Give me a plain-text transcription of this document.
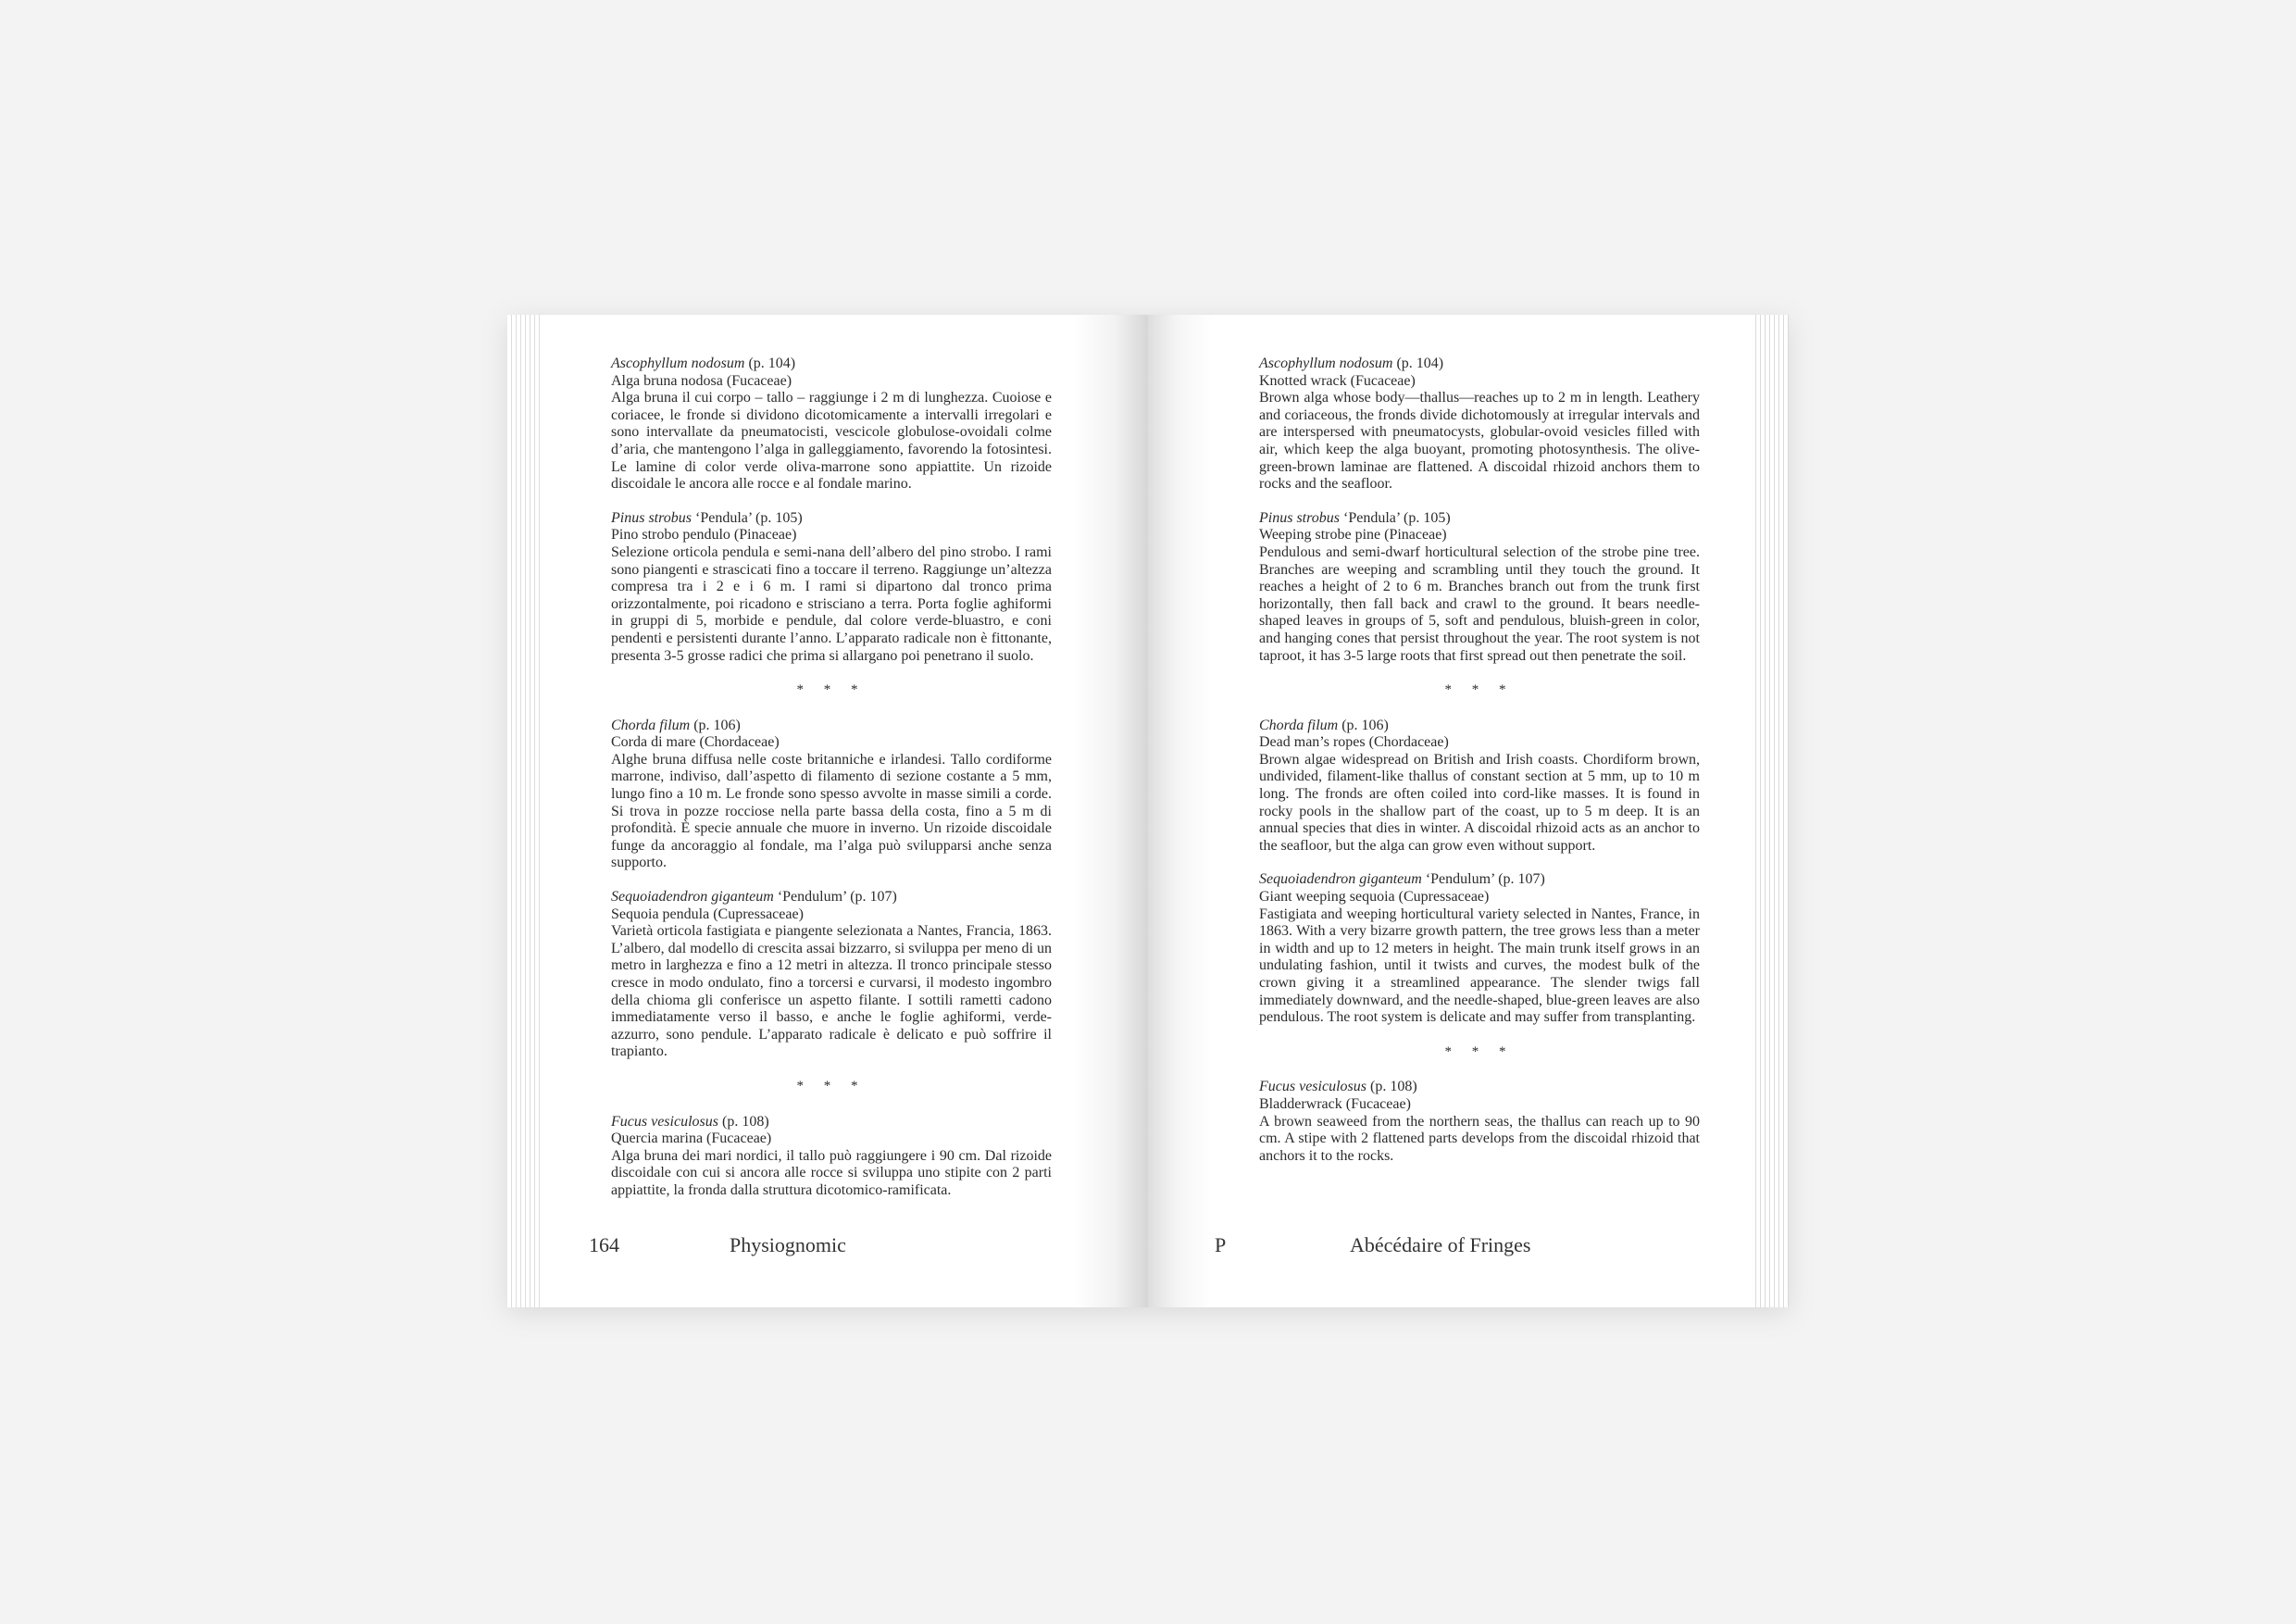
Ascophyllum nodosum (p. 104)

Alga bruna nodosa (Fucaceae)

Alga bruna il cui corpo – tallo – raggiunge i 2 m di lunghezza. Cuoiose e coriacee, le fronde si dividono dicotomicamente a intervalli irregolari e sono intervallate da pneumatocisti, vescicole globulose-ovoidali colme d’aria, che mantengono l’alga in galleggiamento, favorendo la fotosintesi. Le lamine di color verde oliva-marrone sono appiattite. Un rizoide discoidale le ancora alle rocce e al fondale marino.

Pinus strobus ‘Pendula’ (p. 105)

Pino strobo pendulo (Pinaceae)

Selezione orticola pendula e semi-nana dell’albero del pino strobo. I rami sono piangenti e strascicati fino a toccare il terreno. Raggiunge un’altezza compresa tra i 2 e i 6 m. I rami si dipartono dal tronco prima orizzontalmente, poi ricadono e strisciano a terra. Porta foglie aghiformi in gruppi di 5, morbide e pendule, dal colore verde-bluastro, e coni pendenti e persistenti durante l’anno. L’apparato radicale non è fittonante, presenta 3-5 grosse radici che prima si allargano poi penetrano il suolo.

* * *

Chorda filum (p. 106)

Corda di mare (Chordaceae)

Alghe bruna diffusa nelle coste britanniche e irlandesi. Tallo cordiforme marrone, indiviso, dall’aspetto di filamento di sezione costante a 5 mm, lungo fino a 10 m. Le fronde sono spesso avvolte in masse simili a corde. Si trova in pozze rocciose nella parte bassa della costa, fino a 5 m di profondità. È specie annuale che muore in inverno. Un rizoide discoidale funge da ancoraggio al fondale, ma l’alga può svilupparsi anche senza supporto.

Sequoiadendron giganteum ‘Pendulum’ (p. 107)

Sequoia pendula (Cupressaceae)

Varietà orticola fastigiata e piangente selezionata a Nantes, Francia, 1863. L’albero, dal modello di crescita assai bizzarro, si sviluppa per meno di un metro in larghezza e fino a 12 metri in altezza. Il tronco principale stesso cresce in modo ondulato, fino a torcersi e curvarsi, il modesto ingombro della chioma gli conferisce un aspetto filante. I sottili rametti cadono immediatamente verso il basso, e anche le foglie aghiformi, verde-azzurro, sono pendule. L’apparato radicale è delicato e può soffrire il trapianto.

* * *

Fucus vesiculosus (p. 108)

Quercia marina (Fucaceae)

Alga bruna dei mari nordici, il tallo può raggiungere i 90 cm. Dal rizoide discoidale con cui si ancora alle rocce si sviluppa uno stipite con 2 parti appiattite, la fronda dalla struttura dicotomico-ramificata.

164	Physiognomic

Ascophyllum nodosum (p. 104)

Knotted wrack (Fucaceae)

Brown alga whose body—thallus—reaches up to 2 m in length. Leathery and coriaceous, the fronds divide dichotomously at irregular intervals and are interspersed with pneumatocysts, globular-ovoid vesicles filled with air, which keep the alga buoyant, promoting photosynthesis. The olive-green-brown laminae are flattened. A discoidal rhizoid anchors them to rocks and the seafloor.

Pinus strobus ‘Pendula’ (p. 105)

Weeping strobe pine (Pinaceae)

Pendulous and semi-dwarf horticultural selection of the strobe pine tree. Branches are weeping and scrambling until they touch the ground. It reaches a height of 2 to 6 m. Branches branch out from the trunk first horizontally, then fall back and crawl to the ground. It bears needle-shaped leaves in groups of 5, soft and pendulous, bluish-green in color, and hanging cones that persist throughout the year. The root system is not taproot, it has 3-5 large roots that first spread out then penetrate the soil.

* * *

Chorda filum (p. 106)

Dead man’s ropes (Chordaceae)

Brown algae widespread on British and Irish coasts. Chordiform brown, undivided, filament-like thallus of constant section at 5 mm, up to 10 m long. The fronds are often coiled into cord-like masses. It is found in rocky pools in the shallow part of the coast, up to 5 m deep. It is an annual species that dies in winter. A discoidal rhizoid acts as an anchor to the seafloor, but the alga can grow even without support.

Sequoiadendron giganteum ‘Pendulum’ (p. 107)

Giant weeping sequoia (Cupressaceae)

Fastigiata and weeping horticultural variety selected in Nantes, France, in 1863. With a very bizarre growth pattern, the tree grows less than a meter in width and up to 12 meters in height. The main trunk itself grows in an undulating fashion, until it twists and curves, the modest bulk of the crown giving it a streamlined appearance. The slender twigs fall immediately downward, and the needle-shaped, blue-green leaves are also pendulous. The root system is delicate and may suffer from transplanting.

* * *

Fucus vesiculosus (p. 108)

Bladderwrack (Fucaceae)

A brown seaweed from the northern seas, the thallus can reach up to 90 cm. A stipe with 2 flattened parts develops from the discoidal rhizoid that anchors it to the rocks.

P	Abécédaire of Fringes
